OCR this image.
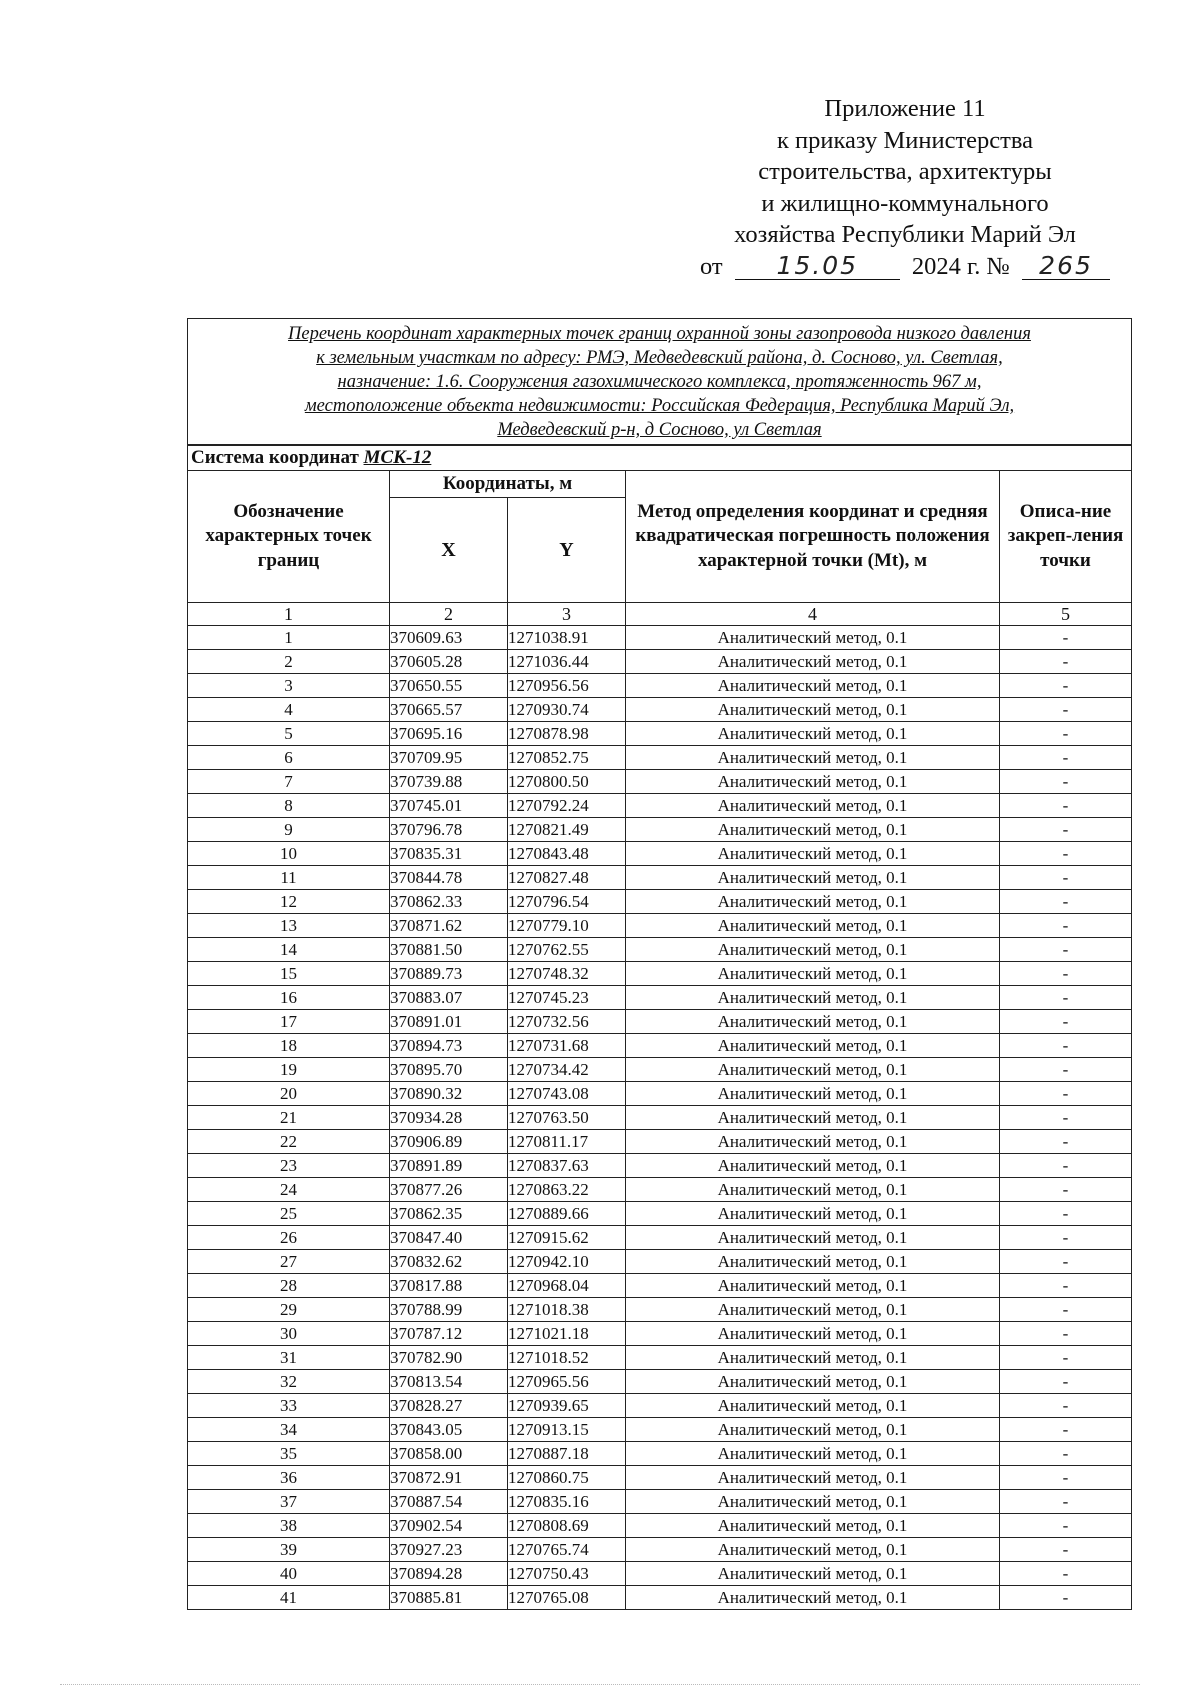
Приложение 11
к приказу Министерства
строительства, архитектуры
и жилищно-коммунального
хозяйства Республики Марий Эл
от 15.05 2024 г. № 265
Перечень координат характерных точек границ охранной зоны газопровода низкого давления
к земельным участкам по адресу: РМЭ, Медведевский района, д. Сосново, ул. Светлая,
назначение: 1.6. Сооружения газохимического комплекса, протяженность 967 м,
местоположение объекта недвижимости: Российская Федерация, Республика Марий Эл,
Медведевский р-н, д Сосново, ул Светлая				

Система координат МСК-12				
Обозначение характерных точек границ	Координаты, м		Метод определения координат и средняя квадратическая погрешность положения характерной точки (Mt), м	Описа-ние закреп-ления точки
	X	Y		
1	2	3	4	5
1	370609.63	1271038.91	Аналитический метод, 0.1	-
2	370605.28	1271036.44	Аналитический метод, 0.1	-
3	370650.55	1270956.56	Аналитический метод, 0.1	-
4	370665.57	1270930.74	Аналитический метод, 0.1	-
5	370695.16	1270878.98	Аналитический метод, 0.1	-
6	370709.95	1270852.75	Аналитический метод, 0.1	-
7	370739.88	1270800.50	Аналитический метод, 0.1	-
8	370745.01	1270792.24	Аналитический метод, 0.1	-
9	370796.78	1270821.49	Аналитический метод, 0.1	-
10	370835.31	1270843.48	Аналитический метод, 0.1	-
11	370844.78	1270827.48	Аналитический метод, 0.1	-
12	370862.33	1270796.54	Аналитический метод, 0.1	-
13	370871.62	1270779.10	Аналитический метод, 0.1	-
14	370881.50	1270762.55	Аналитический метод, 0.1	-
15	370889.73	1270748.32	Аналитический метод, 0.1	-
16	370883.07	1270745.23	Аналитический метод, 0.1	-
17	370891.01	1270732.56	Аналитический метод, 0.1	-
18	370894.73	1270731.68	Аналитический метод, 0.1	-
19	370895.70	1270734.42	Аналитический метод, 0.1	-
20	370890.32	1270743.08	Аналитический метод, 0.1	-
21	370934.28	1270763.50	Аналитический метод, 0.1	-
22	370906.89	1270811.17	Аналитический метод, 0.1	-
23	370891.89	1270837.63	Аналитический метод, 0.1	-
24	370877.26	1270863.22	Аналитический метод, 0.1	-
25	370862.35	1270889.66	Аналитический метод, 0.1	-
26	370847.40	1270915.62	Аналитический метод, 0.1	-
27	370832.62	1270942.10	Аналитический метод, 0.1	-
28	370817.88	1270968.04	Аналитический метод, 0.1	-
29	370788.99	1271018.38	Аналитический метод, 0.1	-
30	370787.12	1271021.18	Аналитический метод, 0.1	-
31	370782.90	1271018.52	Аналитический метод, 0.1	-
32	370813.54	1270965.56	Аналитический метод, 0.1	-
33	370828.27	1270939.65	Аналитический метод, 0.1	-
34	370843.05	1270913.15	Аналитический метод, 0.1	-
35	370858.00	1270887.18	Аналитический метод, 0.1	-
36	370872.91	1270860.75	Аналитический метод, 0.1	-
37	370887.54	1270835.16	Аналитический метод, 0.1	-
38	370902.54	1270808.69	Аналитический метод, 0.1	-
39	370927.23	1270765.74	Аналитический метод, 0.1	-
40	370894.28	1270750.43	Аналитический метод, 0.1	-
41	370885.81	1270765.08	Аналитический метод, 0.1	-
